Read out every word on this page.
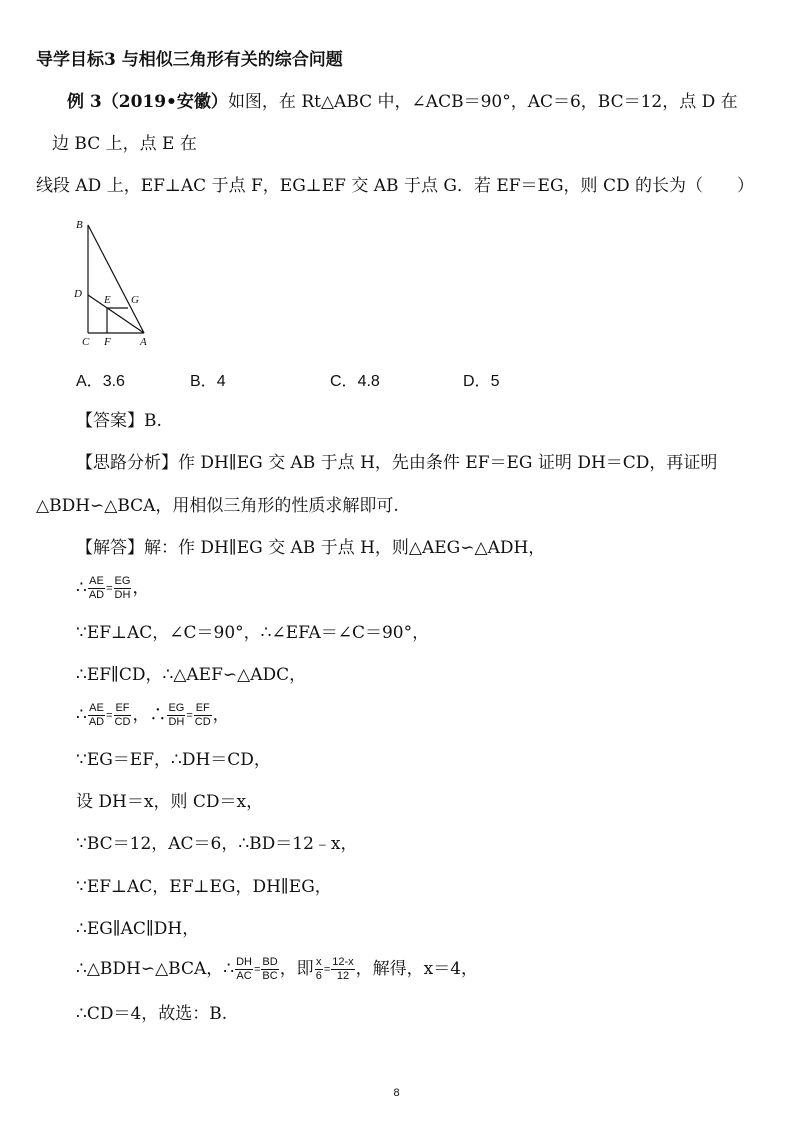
导学目标3 与相似三角形有关的综合问题
例 3（2019•安徽）如图，在 Rt△ABC 中，∠ACB＝90°，AC＝6，BC＝12，点 D 在
边 BC 上，点 E 在
线段 AD 上，EF⊥AC 于点 F，EG⊥EF 交 AB 于点 G．若 EF＝EG，则 CD 的长为（　　）
B
D E G
C F	A
A．3.6	B．4	C．4.8	D．5
【答案】B.
【思路分析】作 DH∥EG 交 AB 于点 H，先由条件 EF＝EG 证明 DH＝CD，再证明
△BDH∽△BCA，用相似三角形的性质求解即可.
【解答】解：作 DH∥EG 交 AB 于点 H，则△AEG∽△ADH，
∴ $\frac{AE}{AD} = \frac{EG}{DH}$ ，
∵EF⊥AC，∠C＝90°，∴∠EFA＝∠C＝90°，
∴EF∥CD，∴△AEF∽△ADC，
∴ $\frac{AE}{AD} = \frac{EF}{CD}$ ，∴ $\frac{EG}{DH} = \frac{EF}{CD}$ ，
∵EG＝EF，∴DH＝CD，
设 DH＝x，则 CD＝x，
∵BC＝12，AC＝6，∴BD＝12﹣x，
∵EF⊥AC，EF⊥EG，DH∥EG，
∴EG∥AC∥DH，
∴△BDH∽△BCA，∴ $\frac{DH}{AC} = \frac{BD}{BC}$ ，即 $\frac{x}{6} = \frac{12-x}{12}$ ，解得，x＝4，
∴CD＝4，故选：B.
8
